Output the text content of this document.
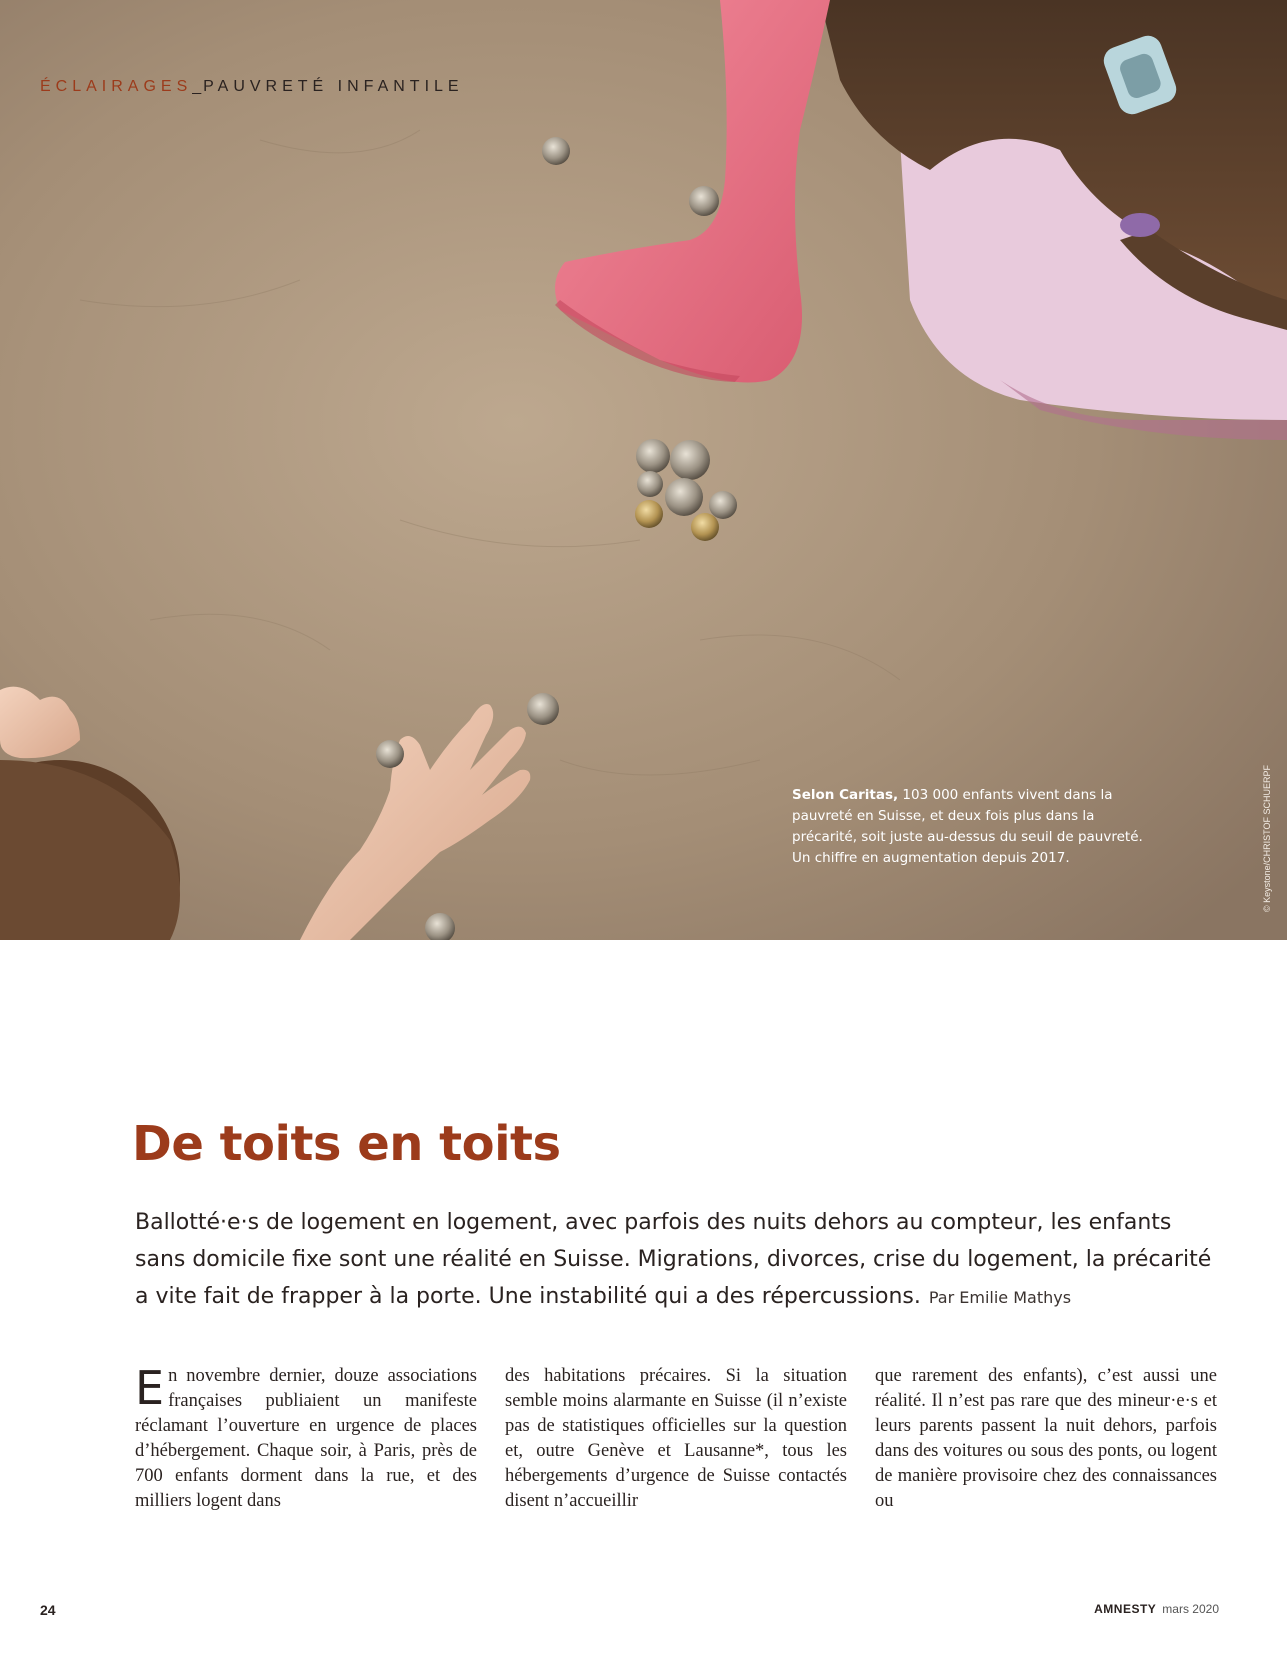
ÉCLAIRAGES_PAUVRETÉ INFANTILE
Selon Caritas, 103 000 enfants vivent dans la pauvreté en Suisse, et deux fois plus dans la précarité, soit juste au-dessus du seuil de pauvreté. Un chiffre en augmentation depuis 2017.	© Keystone/CHRISTOF SCHUERPF
De toits en toits

Ballotté·e·s de logement en logement, avec parfois des nuits dehors au compteur, les enfants sans domicile fixe sont une réalité en Suisse. Migrations, divorces, crise du logement, la précarité a vite fait de frapper à la porte. Une instabilité qui a des répercussions. Par Emilie Mathys

En novembre dernier, douze associations françaises publiaient un manifeste réclamant l’ouverture en urgence de places d’hébergement. Chaque soir, à Paris, près de 700 enfants dorment dans la rue, et des milliers logent dans

des habitations précaires. Si la situation semble moins alarmante en Suisse (il n’existe pas de statistiques officielles sur la question et, outre Genève et Lausanne*, tous les hébergements d’urgence de Suisse contactés disent n’accueillir

que rarement des enfants), c’est aussi une réalité. Il n’est pas rare que des mineur·e·s et leurs parents passent la nuit dehors, parfois dans des voitures ou sous des ponts, ou logent de manière provisoire chez des connaissances ou

24	AMNESTY mars 2020
